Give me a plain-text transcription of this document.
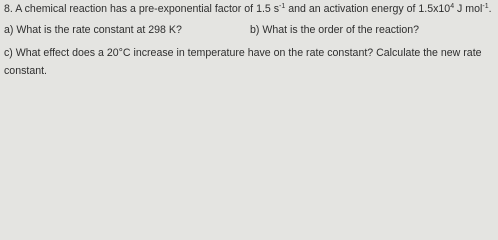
8. A chemical reaction has a pre-exponential factor of 1.5 $s^{-1}$ and an activation energy of $1.5x10^4$ J mol$^{-1}$.
a) What is the rate constant at 298 K?	b) What is the order of the reaction?
c) What effect does a 20°C increase in temperature have on the rate constant? Calculate the new rate
constant.
